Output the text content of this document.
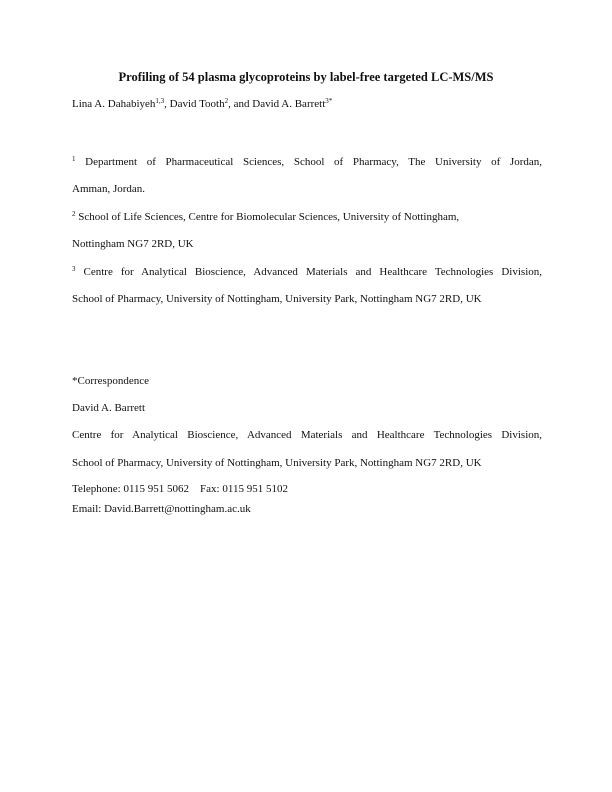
Profiling of 54 plasma glycoproteins by label-free targeted LC-MS/MS
Lina A. Dahabiyeh$^{1,3}$, David Tooth$^2$, and David A. Barrett$^{3*}$
$^1$ Department of Pharmaceutical Sciences, School of Pharmacy, The University of Jordan,
Amman, Jordan.
$^2$ School of Life Sciences, Centre for Biomolecular Sciences, University of Nottingham,
Nottingham NG7 2RD, UK
$^3$ Centre for Analytical Bioscience, Advanced Materials and Healthcare Technologies Division,
School of Pharmacy, University of Nottingham, University Park, Nottingham NG7 2RD, UK
*Correspondence
David A. Barrett
Centre for Analytical Bioscience, Advanced Materials and Healthcare Technologies Division,
School of Pharmacy, University of Nottingham, University Park, Nottingham NG7 2RD, UK
Telephone: 0115 951 5062    Fax: 0115 951 5102
Email: David.Barrett@nottingham.ac.uk
